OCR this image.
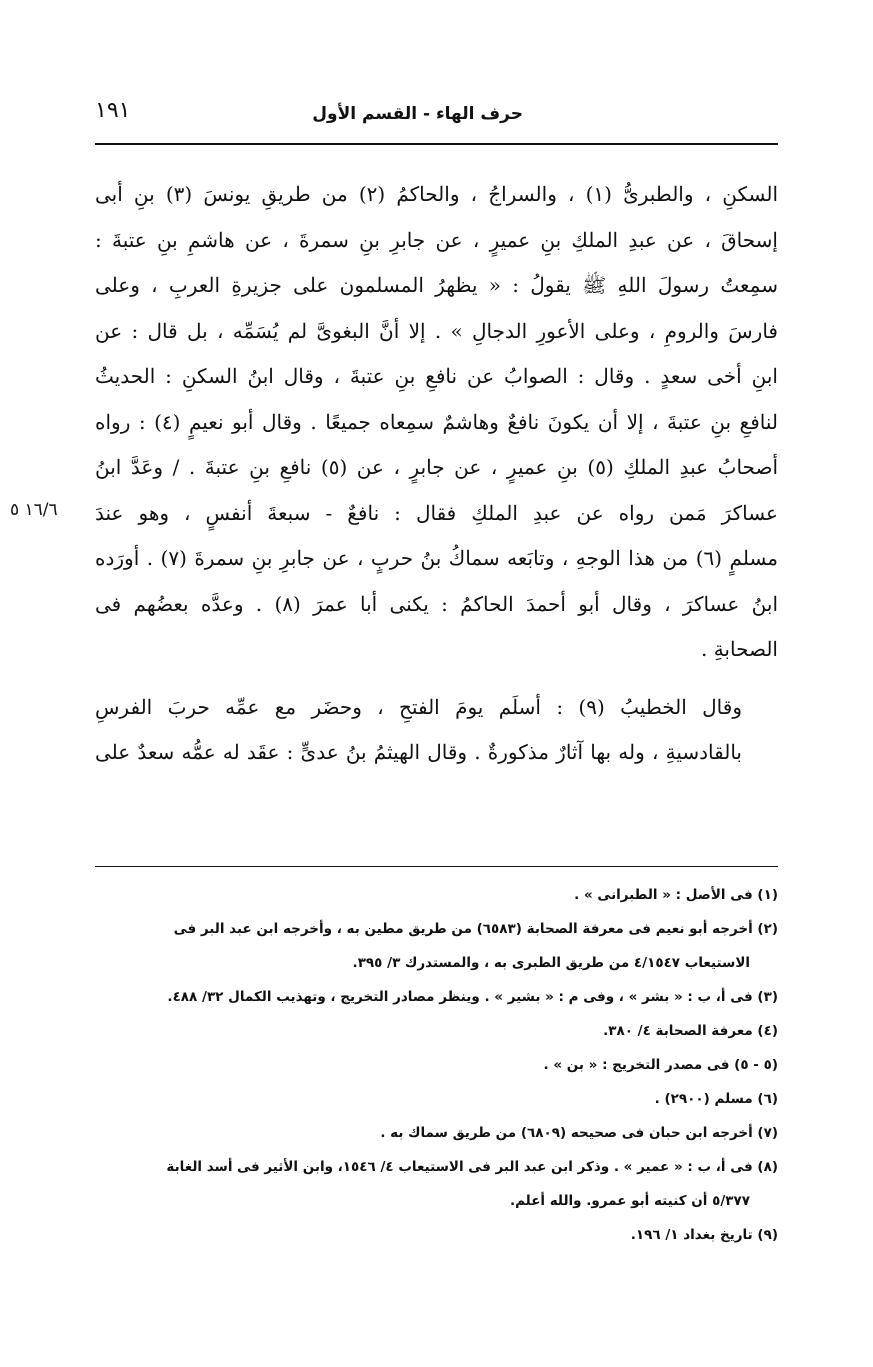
حرف الهاء - القسم الأول
١٩١
١٦/٦ ٥

السكنِ ، والطبرىُّ (١) ، والسراجُ ، والحاكمُ (٢) من طريقِ يونسَ (٣) بنِ أبى
إسحاقَ ، عن عبدِ الملكِ بنِ عميرٍ ، عن جابرِ بنِ سمرةَ ، عن هاشمِ بنِ عتبةَ :
سمِعتُ رسولَ اللهِ ﷺ يقولُ : « يظهرُ المسلمون على جزيرةِ العربِ ، وعلى
فارسَ والرومِ ، وعلى الأعورِ الدجالِ » . إلا أنَّ البغوىَّ لم يُسَمِّه ، بل قال : عن
ابنِ أخى سعدٍ . وقال : الصوابُ عن نافعِ بنِ عتبةَ ، وقال ابنُ السكنِ : الحديثُ
لنافعِ بنِ عتبةَ ، إلا أن يكونَ نافعٌ وهاشمٌ سمِعاه جميعًا . وقال أبو نعيمٍ (٤) : رواه
أصحابُ عبدِ الملكِ (٥) بنِ عميرٍ ، عن جابرٍ ، عن (٥) نافعِ بنِ عتبةَ . / وعَدَّ ابنُ
عساكرَ مَمن رواه عن عبدِ الملكِ فقال : نافعٌ - سبعةَ أنفسٍ ، وهو عندَ
مسلمٍ (٦) من هذا الوجهِ ، وتابَعه سماكُ بنُ حربٍ ، عن جابرِ بنِ سمرةَ (٧) . أورَده
ابنُ عساكرَ ، وقال أبو أحمدَ الحاكمُ : يكنى أبا عمرَ (٨) . وعدَّه بعضُهم فى
الصحابةِ .

وقال الخطيبُ (٩) : أسلَم يومَ الفتحِ ، وحضَر مع عمِّه حربَ الفرسِ
بالقادسيةِ ، وله بها آثارٌ مذكورةٌ . وقال الهيثمُ بنُ عدىٍّ : عقَد له عمُّه سعدٌ على

(١) فى الأصل : « الطبرانى » .

(٢) أخرجه أبو نعيم فى معرفة الصحابة (٦٥٨٣) من طريق مطين به ، وأخرجه ابن عبد البر فى

الاستيعاب ٤/١٥٤٧ من طريق الطبرى به ، والمستدرك ٣/ ٣٩٥.

(٣) فى أ، ب : « بشر » ، وفى م : « بشير » . وينظر مصادر التخريج ، وتهذيب الكمال ٣٢/ ٤٨٨.

(٤) معرفة الصحابة ٤/ ٣٨٠.

(٥ - ٥) فى مصدر التخريج : « بن » .

(٦) مسلم (٢٩٠٠) .

(٧) أخرجه ابن حبان فى صحيحه (٦٨٠٩) من طريق سماك به .

(٨) فى أ، ب : « عمير » . وذكر ابن عبد البر فى الاستيعاب ٤/ ١٥٤٦، وابن الأثير فى أسد الغابة

٥/٣٧٧ أن كنيته أبو عمرو. والله أعلم.

(٩) تاريخ بغداد ١/ ١٩٦.
